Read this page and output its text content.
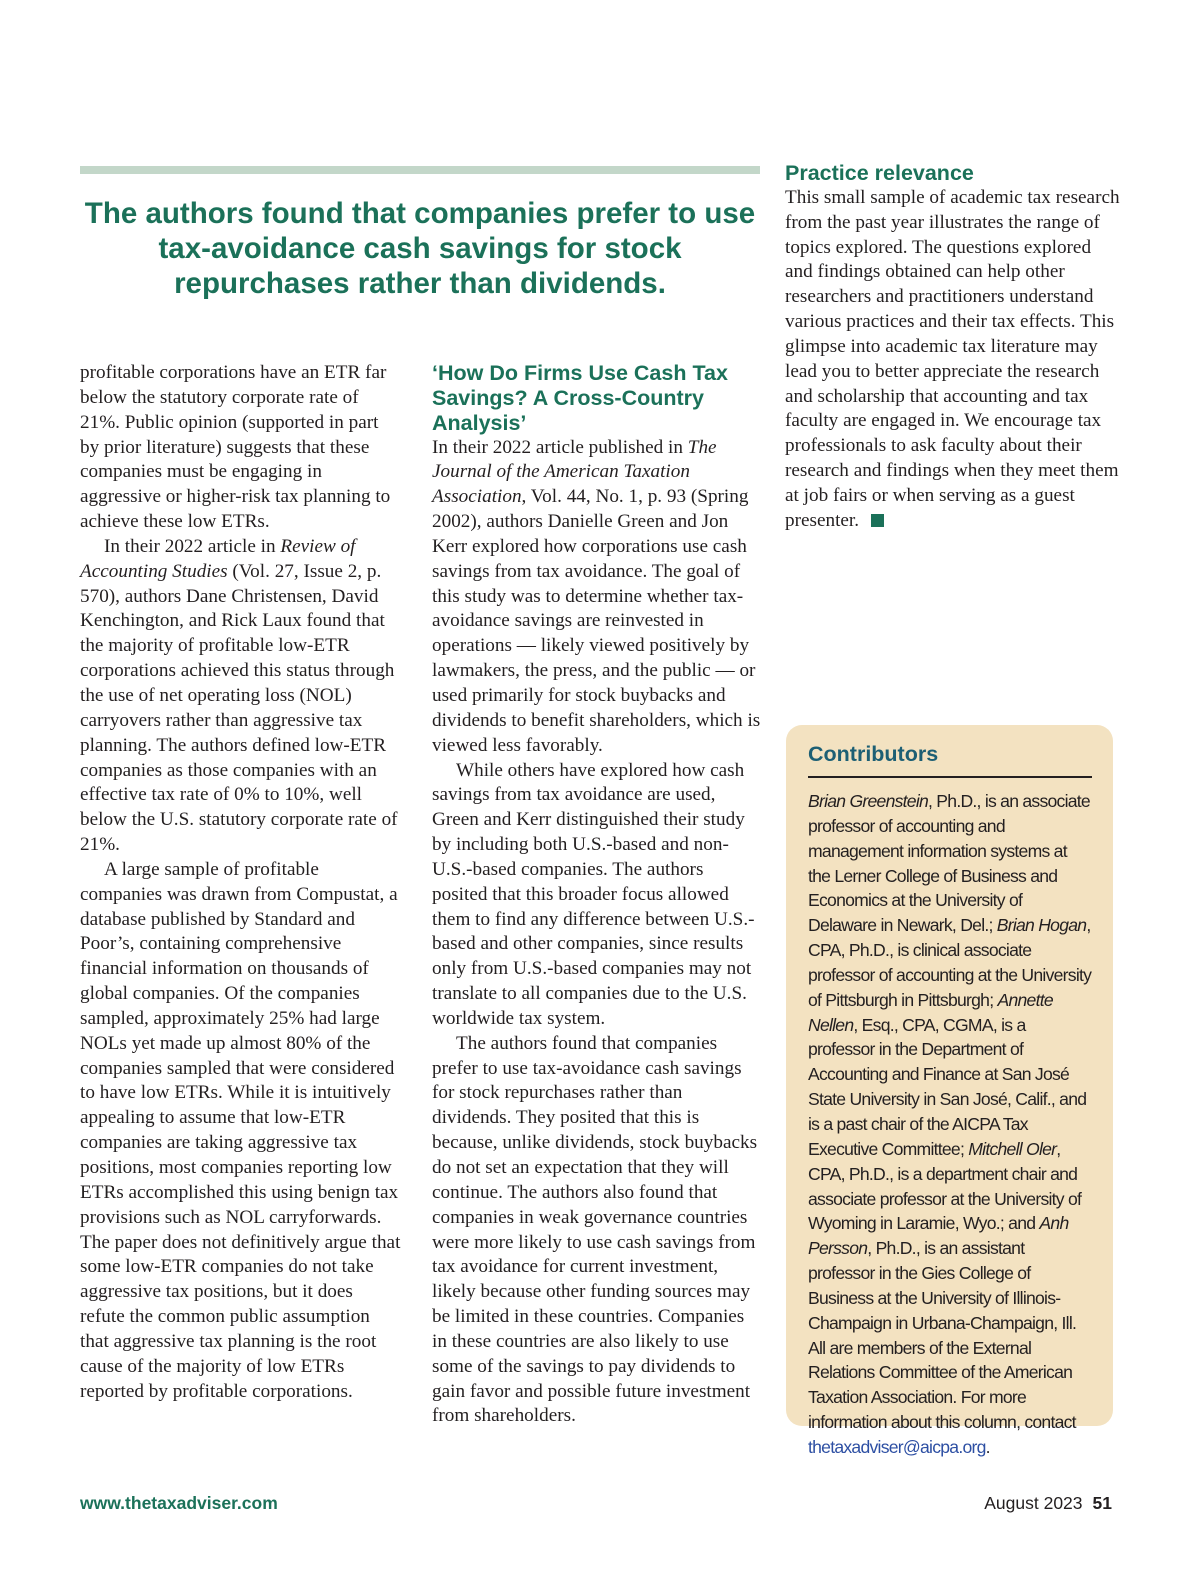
The authors found that companies prefer to use tax-avoidance cash savings for stock repurchases rather than dividends.

profitable corporations have an ETR far below the statutory corporate rate of 21%. Public opinion (supported in part by prior literature) suggests that these companies must be engaging in aggressive or higher-risk tax planning to achieve these low ETRs.

In their 2022 article in Review of Accounting Studies (Vol. 27, Issue 2, p. 570), authors Dane Christensen, David Kenchington, and Rick Laux found that the majority of profitable low-ETR corporations achieved this status through the use of net operating loss (NOL) carryovers rather than aggressive tax planning. The authors defined low-ETR companies as those companies with an effective tax rate of 0% to 10%, well below the U.S. statutory corporate rate of 21%.

A large sample of profitable companies was drawn from Compustat, a database published by Standard and Poor’s, containing comprehensive financial information on thousands of global companies. Of the companies sampled, approximately 25% had large NOLs yet made up almost 80% of the companies sampled that were considered to have low ETRs. While it is intuitively appealing to assume that low-ETR companies are taking aggressive tax positions, most companies reporting low ETRs accomplished this using benign tax provisions such as NOL carryforwards. The paper does not definitively argue that some low-ETR companies do not take aggressive tax positions, but it does refute the common public assumption that aggressive tax planning is the root cause of the majority of low ETRs reported by profitable corporations.

‘How Do Firms Use Cash Tax Savings? A Cross-Country Analysis’

In their 2022 article published in The Journal of the American Taxation Association, Vol. 44, No. 1, p. 93 (Spring 2002), authors Danielle Green and Jon Kerr explored how corporations use cash savings from tax avoidance. The goal of this study was to determine whether tax-avoidance savings are reinvested in operations — likely viewed positively by lawmakers, the press, and the public — or used primarily for stock buybacks and dividends to benefit shareholders, which is viewed less favorably.

While others have explored how cash savings from tax avoidance are used, Green and Kerr distinguished their study by including both U.S.-based and non-U.S.-based companies. The authors posited that this broader focus allowed them to find any difference between U.S.-based and other companies, since results only from U.S.-based companies may not translate to all companies due to the U.S. worldwide tax system.

The authors found that companies prefer to use tax-avoidance cash savings for stock repurchases rather than dividends. They posited that this is because, unlike dividends, stock buybacks do not set an expectation that they will continue. The authors also found that companies in weak governance countries were more likely to use cash savings from tax avoidance for current investment, likely because other funding sources may be limited in these countries. Companies in these countries are also likely to use some of the savings to pay dividends to gain favor and possible future investment from shareholders.

Practice relevance

This small sample of academic tax research from the past year illustrates the range of topics explored. The questions explored and findings obtained can help other researchers and practitioners understand various practices and their tax effects. This glimpse into academic tax literature may lead you to better appreciate the research and scholarship that accounting and tax faculty are engaged in. We encourage tax professionals to ask faculty about their research and findings when they meet them at job fairs or when serving as a guest presenter.

Contributors
Brian Greenstein, Ph.D., is an associate professor of accounting and management information systems at the Lerner College of Business and Economics at the University of Delaware in Newark, Del.; Brian Hogan, CPA, Ph.D., is clinical associate professor of accounting at the University of Pittsburgh in Pittsburgh; Annette Nellen, Esq., CPA, CGMA, is a professor in the Department of Accounting and Finance at San José State University in San José, Calif., and is a past chair of the AICPA Tax Executive Committee; Mitchell Oler, CPA, Ph.D., is a department chair and associate professor at the University of Wyoming in Laramie, Wyo.; and Anh Persson, Ph.D., is an assistant professor in the Gies College of Business at the University of Illinois-Champaign in Urbana-Champaign, Ill. All are members of the External Relations Committee of the American Taxation Association. For more information about this column, contact thetaxadviser@aicpa.org.
www.thetaxadviser.com	August 2023 51
